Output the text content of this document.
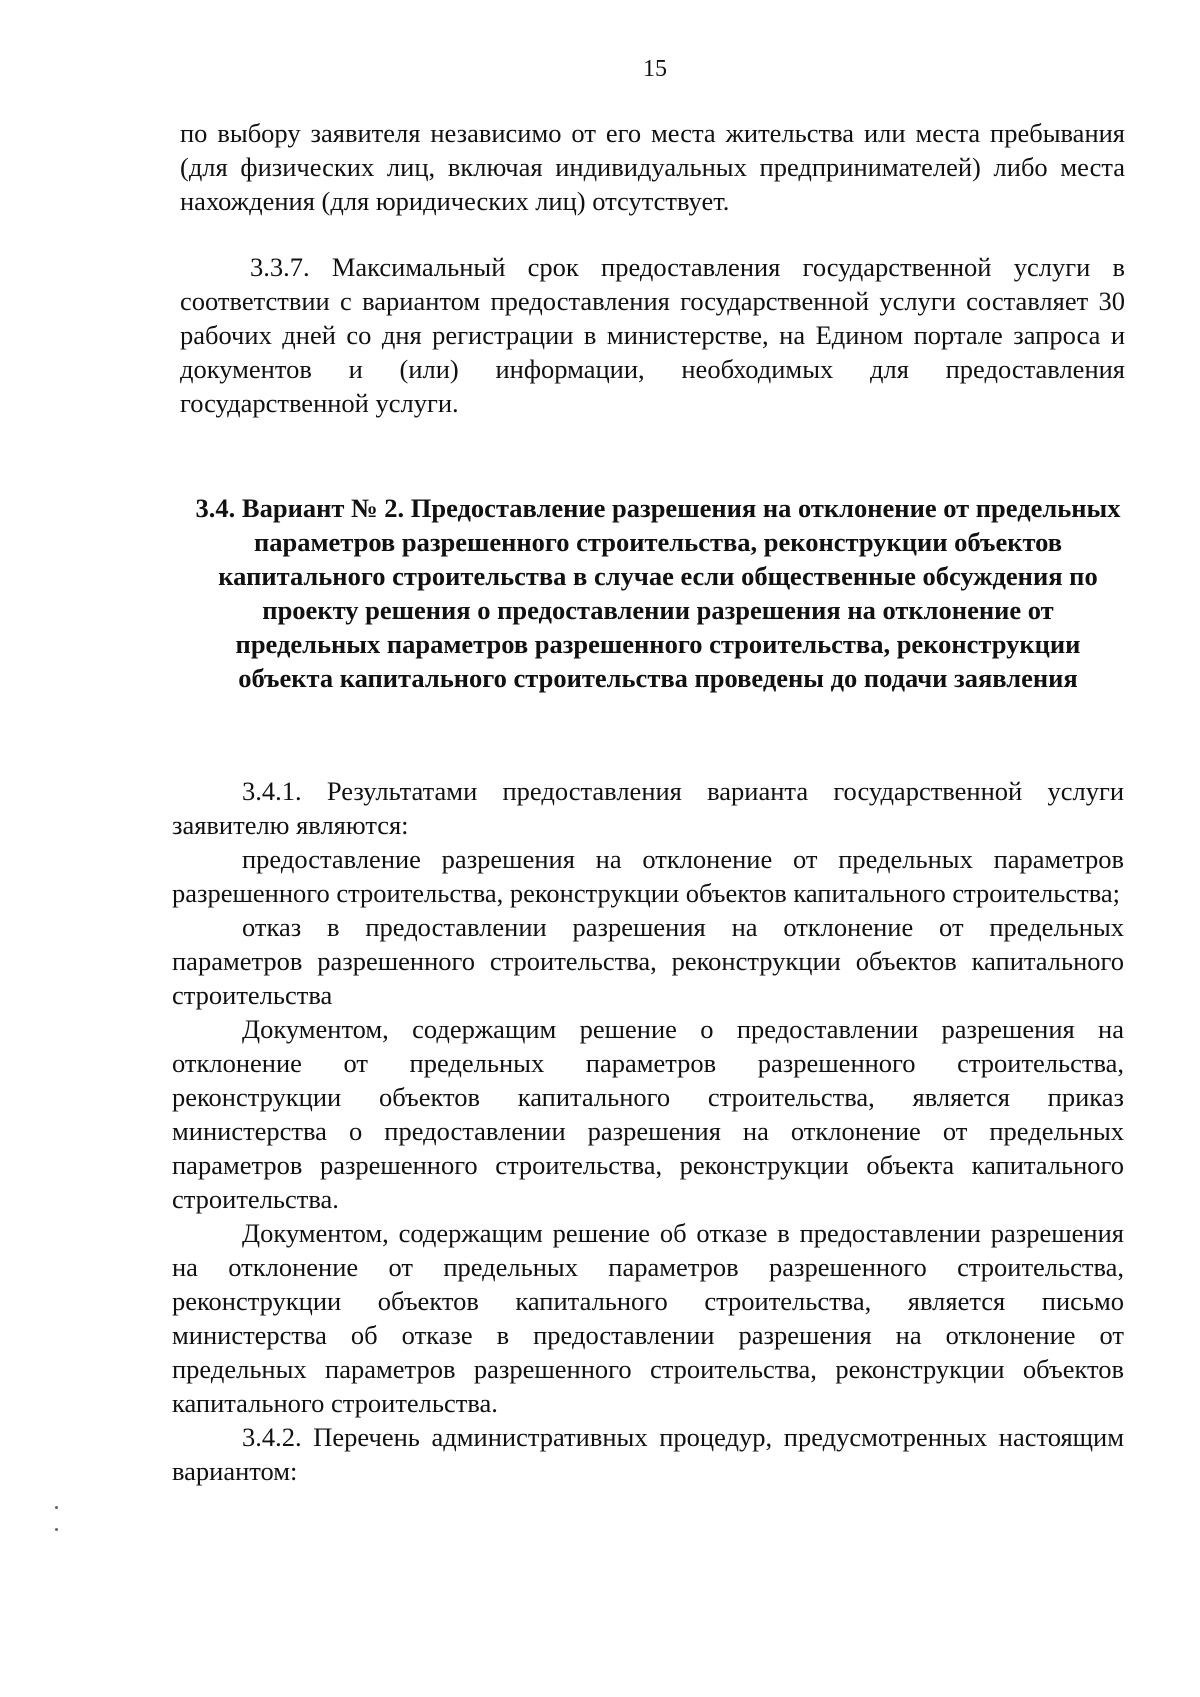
15

по выбору заявителя независимо от его места жительства или места пребывания (для физических лиц, включая индивидуальных предпринимателей) либо места нахождения (для юридических лиц) отсутствует.

3.3.7. Максимальный срок предоставления государственной услуги в соответствии с вариантом предоставления государственной услуги составляет 30 рабочих дней со дня регистрации в министерстве, на Едином портале запроса и документов и (или) информации, необходимых для предоставления государственной услуги.

3.4. Вариант № 2. Предоставление разрешения на отклонение от предельных параметров разрешенного строительства, реконструкции объектов капитального строительства в случае если общественные обсуждения по проекту решения о предоставлении разрешения на отклонение от предельных параметров разрешенного строительства, реконструкции объекта капитального строительства проведены до подачи заявления

3.4.1. Результатами предоставления варианта государственной услуги заявителю являются:

предоставление разрешения на отклонение от предельных параметров разрешенного строительства, реконструкции объектов капитального строительства;

отказ в предоставлении разрешения на отклонение от предельных параметров разрешенного строительства, реконструкции объектов капитального строительства

Документом, содержащим решение о предоставлении разрешения на отклонение от предельных параметров разрешенного строительства, реконструкции объектов капитального строительства, является приказ министерства о предоставлении разрешения на отклонение от предельных параметров разрешенного строительства, реконструкции объекта капитального строительства.

Документом, содержащим решение об отказе в предоставлении разрешения на отклонение от предельных параметров разрешенного строительства, реконструкции объектов капитального строительства, является письмо министерства об отказе в предоставлении разрешения на отклонение от предельных параметров разрешенного строительства, реконструкции объектов капитального строительства.

3.4.2. Перечень административных процедур, предусмотренных настоящим вариантом:
